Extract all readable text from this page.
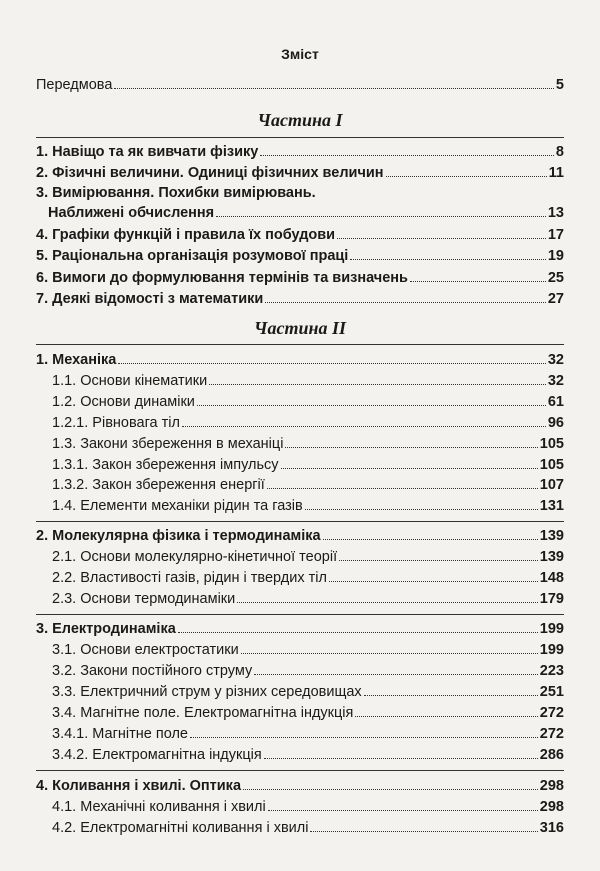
Зміст
Передмова	5
Частина I
1. Навіщо та як вивчати фізику	8
2. Фізичні величини. Одиниці фізичних величин	11
3. Вимірювання. Похибки вимірювань.
Наближені обчислення	13
4. Графіки функцій і правила їх побудови	17
5. Раціональна організація розумової праці	19
6. Вимоги до формулювання термінів та визначень	25
7. Деякі відомості з математики	27
Частина II
1. Механіка	32
1.1. Основи кінематики	32
1.2. Основи динаміки	61
1.2.1. Рівновага тіл	96
1.3. Закони збереження в механіці	105
1.3.1. Закон збереження імпульсу	105
1.3.2. Закон збереження енергії	107
1.4. Елементи механіки рідин та газів	131
2. Молекулярна фізика і термодинаміка	139
2.1. Основи молекулярно-кінетичної теорії	139
2.2. Властивості газів, рідин і твердих тіл	148
2.3. Основи термодинаміки	179
3. Електродинаміка	199
3.1. Основи електростатики	199
3.2. Закони постійного струму	223
3.3. Електричний струм у різних середовищах	251
3.4. Магнітне поле. Електромагнітна індукція	272
3.4.1. Магнітне поле	272
3.4.2. Електромагнітна індукція	286
4. Коливання і хвилі. Оптика	298
4.1. Механічні коливання і хвилі	298
4.2. Електромагнітні коливання і хвилі	316
